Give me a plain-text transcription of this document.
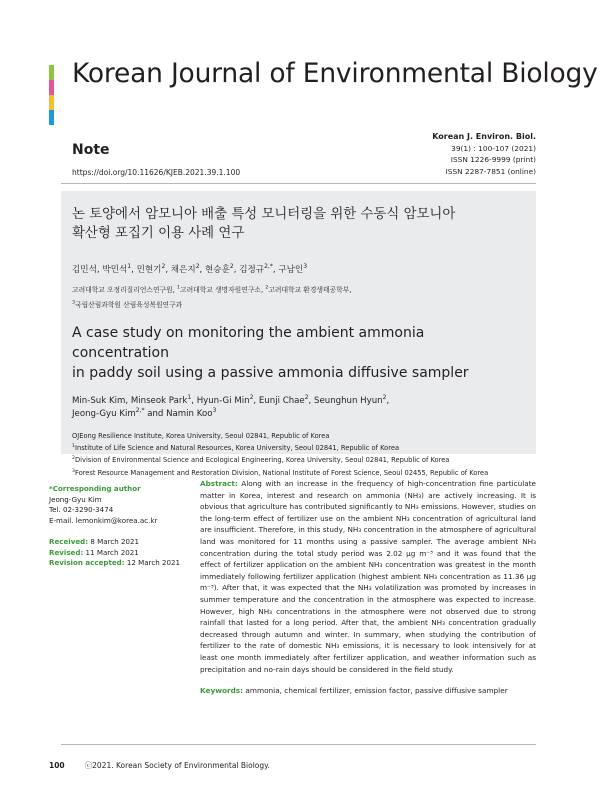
Korean Journal of Environmental Biology
Note
https://doi.org/10.11626/KJEB.2021.39.1.100
Korean J. Environ. Biol.
39(1) : 100-107 (2021)
ISSN 1226-9999 (print)
ISSN 2287-7851 (online)
논 토양에서 암모니아 배출 특성 모니터링을 위한 수동식 암모니아
확산형 포집기 이용 사례 연구
김민석, 박민석$^1$, 민현기$^2$, 채은지$^2$, 현승훈$^2$, 김정규$^{2,*}$, 구남인$^3$
고려대학교 오정리질리언스연구원, $^1$고려대학교 생명자원연구소, $^2$고려대학교 환경생태공학부,
$^3$국립산림과학원 산림육성복원연구과
A case study on monitoring the ambient ammonia concentration
in paddy soil using a passive ammonia diffusive sampler
Min-Suk Kim, Minseok Park$^1$, Hyun-Gi Min$^2$, Eunji Chae$^2$, Seunghun Hyun$^2$,
Jeong-Gyu Kim$^{2,*}$ and Namin Koo$^3$
OJEong Resilience Institute, Korea University, Seoul 02841, Republic of Korea
$^1$Institute of Life Science and Natural Resources, Korea University, Seoul 02841, Republic of Korea
$^2$Division of Environmental Science and Ecological Engineering, Korea University, Seoul 02841, Republic of Korea
$^3$Forest Resource Management and Restoration Division, National Institute of Forest Science, Seoul 02455, Republic of Korea
*Corresponding author
Jeong-Gyu Kim
Tel. 02-3290-3474
E-mail. lemonkim@korea.ac.kr
Received: 8 March 2021
Revised: 11 March 2021
Revision accepted: 12 March 2021
Abstract: Along with an increase in the frequency of high-concentration fine particulate matter in Korea, interest and research on ammonia (NH₃) are actively increasing. It is obvious that agriculture has contributed significantly to NH₃ emissions. However, studies on the long-term effect of fertilizer use on the ambient NH₃ concentration of agricultural land are insufficient. Therefore, in this study, NH₃ concentration in the atmosphere of agricultural land was monitored for 11 months using a passive sampler. The average ambient NH₃ concentration during the total study period was 2.02 μg m⁻³ and it was found that the effect of fertilizer application on the ambient NH₃ concentration was greatest in the month immediately following fertilizer application (highest ambient NH₃ concentration as 11.36 μg m⁻³). After that, it was expected that the NH₃ volatilization was promoted by increases in summer temperature and the concentration in the atmosphere was expected to increase. However, high NH₃ concentrations in the atmosphere were not observed due to strong rainfall that lasted for a long period. After that, the ambient NH₃ concentration gradually decreased through autumn and winter. In summary, when studying the contribution of fertilizer to the rate of domestic NH₃ emissions, it is necessary to look intensively for at least one month immediately after fertilizer application, and weather information such as precipitation and no-rain days should be considered in the field study.
Keywords: ammonia, chemical fertilizer, emission factor, passive diffusive sampler
100	ⓒ2021. Korean Society of Environmental Biology.
